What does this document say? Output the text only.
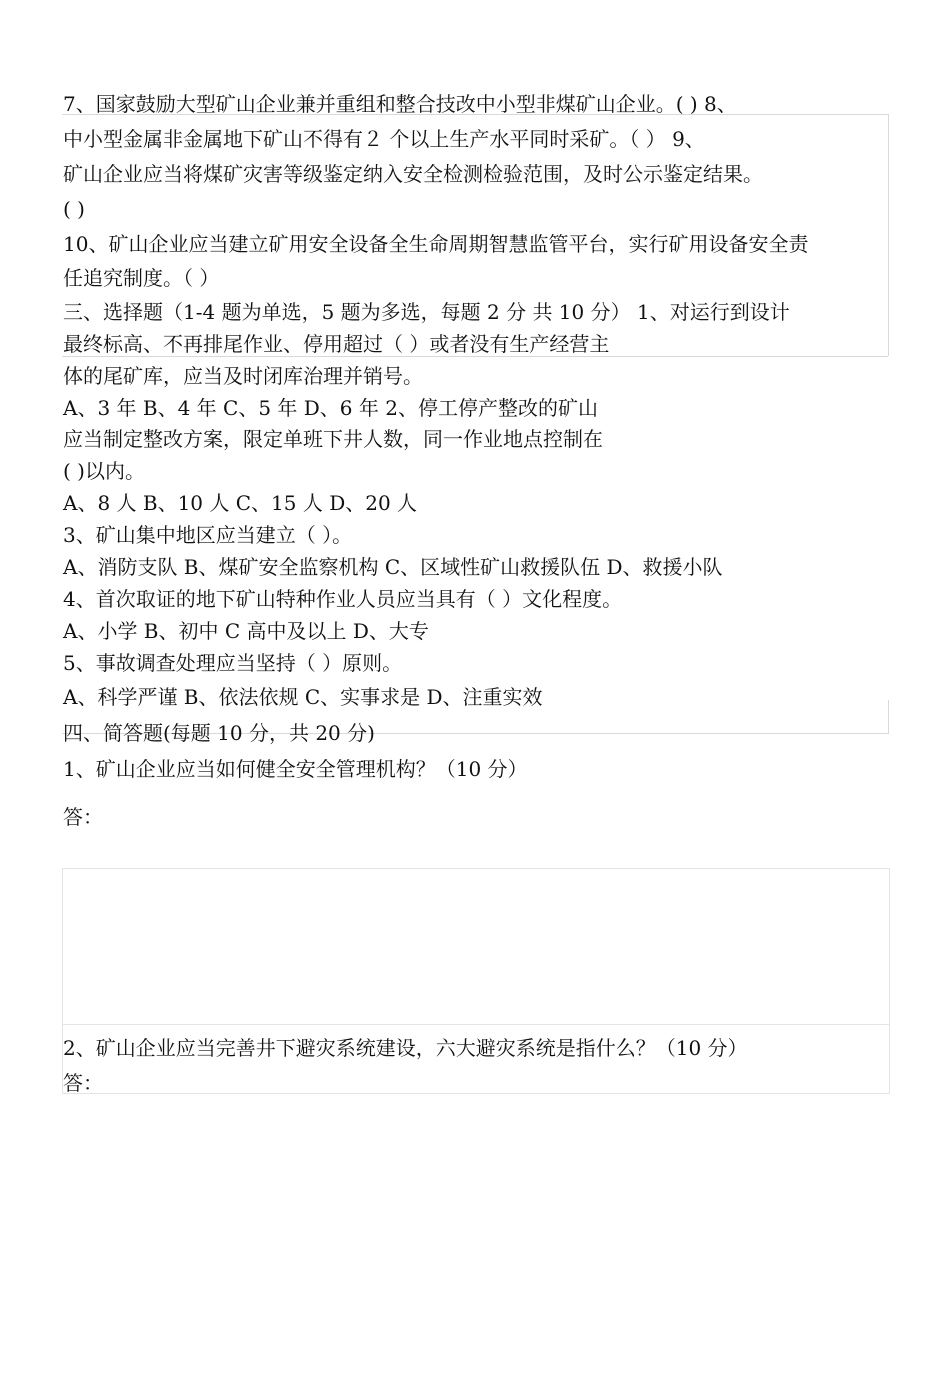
7、国家鼓励大型矿山企业兼并重组和整合技改中小型非煤矿山企业。( ) 8、
中小型金属非金属地下矿山不得有２ 个以上生产水平同时采矿。（ ） 9、
矿山企业应当将煤矿灾害等级鉴定纳入安全检测检验范围，及时公示鉴定结果。
( )
10、矿山企业应当建立矿用安全设备全生命周期智慧监管平台，实行矿用设备安全责
任追究制度。（ ）
三、选择题（1-4 题为单选，5 题为多选，每题 2 分 共 10 分） 1、对运行到设计
最终标高、不再排尾作业、停用超过（ ）或者没有生产经营主
体的尾矿库，应当及时闭库治理并销号。
A、3 年 B、4 年 C、5 年 D、6 年 2、停工停产整改的矿山
应当制定整改方案，限定单班下井人数，同一作业地点控制在
( )以内。
A、8 人 B、10 人 C、15 人 D、20 人
3、矿山集中地区应当建立（ ）。
A、消防支队 B、煤矿安全监察机构 C、区域性矿山救援队伍 D、救援小队
4、首次取证的地下矿山特种作业人员应当具有（ ）文化程度。
A、小学 B、初中 C 高中及以上 D、大专
5、事故调查处理应当坚持（ ）原则。
A、科学严谨 B、依法依规 C、实事求是 D、注重实效
四、简答题(每题 10 分，共 20 分)
1、矿山企业应当如何健全安全管理机构？（10 分）
答：
2、矿山企业应当完善井下避灾系统建设，六大避灾系统是指什么？（10 分）
答：
